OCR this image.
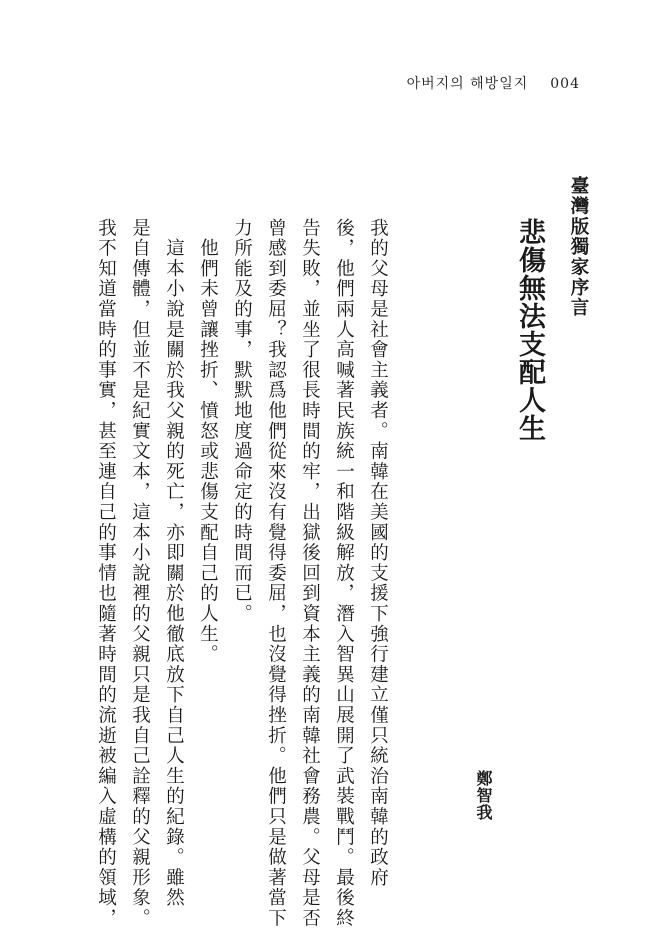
아버지의 해방일지 004
臺灣版獨家序言
悲傷無法支配人生
鄭智我
我的父母是社會主義者。南韓在美國的支援下強行建立僅只統治南韓的政府
後，他們兩人高喊著民族統一和階級解放，潛入智異山展開了武裝戰鬥。最後終
告失敗，並坐了很長時間的牢，出獄後回到資本主義的南韓社會務農。父母是否
曾感到委屈？我認爲他們從來沒有覺得委屈，也沒覺得挫折。他們只是做著當下
力所能及的事，默默地度過命定的時間而已。
　他們未曾讓挫折、憤怒或悲傷支配自己的人生。
　這本小說是關於我父親的死亡，亦即關於他徹底放下自己人生的紀錄。雖然
是自傳體，但並不是紀實文本，這本小說裡的父親只是我自己詮釋的父親形象。
我不知道當時的事實，甚至連自己的事情也隨著時間的流逝被編入虛構的領域，
